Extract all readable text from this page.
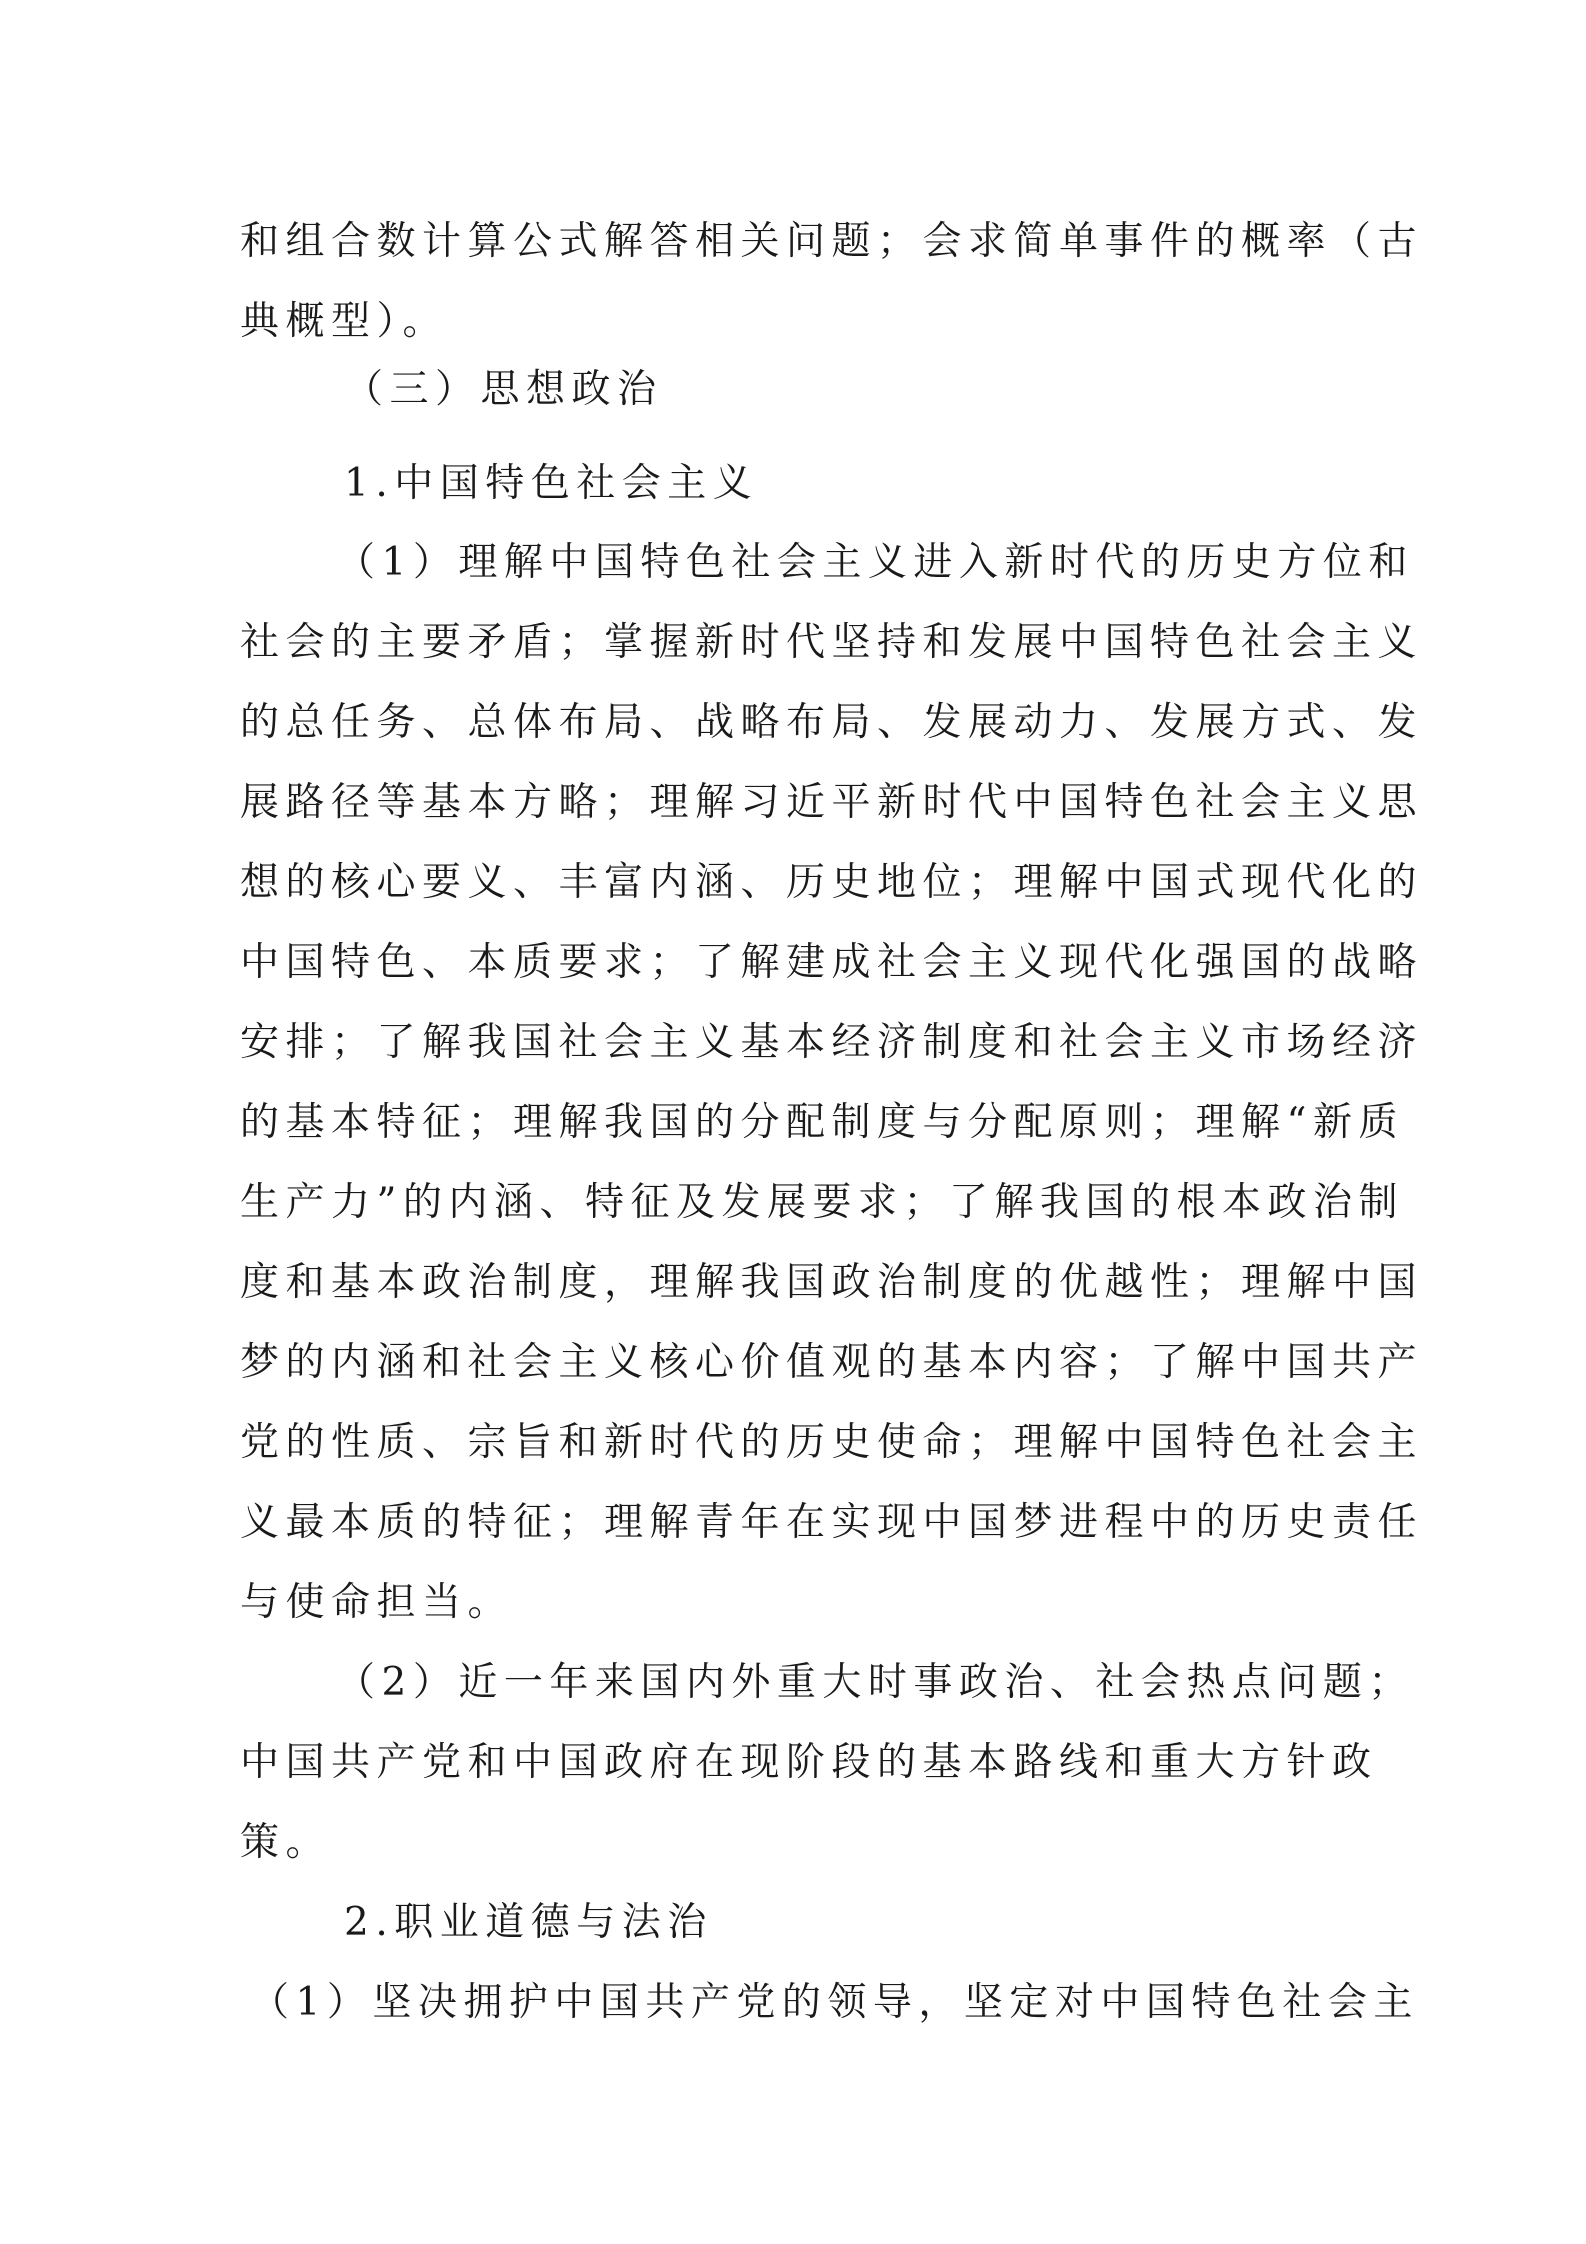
和组合数计算公式解答相关问题；会求简单事件的概率（古
典概型）。
（三）思想政治
1.中国特色社会主义
（1）理解中国特色社会主义进入新时代的历史方位和
社会的主要矛盾；掌握新时代坚持和发展中国特色社会主义
的总任务、总体布局、战略布局、发展动力、发展方式、发
展路径等基本方略；理解习近平新时代中国特色社会主义思
想的核心要义、丰富内涵、历史地位；理解中国式现代化的
中国特色、本质要求；了解建成社会主义现代化强国的战略
安排；了解我国社会主义基本经济制度和社会主义市场经济
的基本特征；理解我国的分配制度与分配原则；理解“新质
生产力”的内涵、特征及发展要求；了解我国的根本政治制
度和基本政治制度，理解我国政治制度的优越性；理解中国
梦的内涵和社会主义核心价值观的基本内容；了解中国共产
党的性质、宗旨和新时代的历史使命；理解中国特色社会主
义最本质的特征；理解青年在实现中国梦进程中的历史责任
与使命担当。
（2）近一年来国内外重大时事政治、社会热点问题；
中国共产党和中国政府在现阶段的基本路线和重大方针政
策。
2.职业道德与法治
（1）坚决拥护中国共产党的领导，坚定对中国特色社会主
